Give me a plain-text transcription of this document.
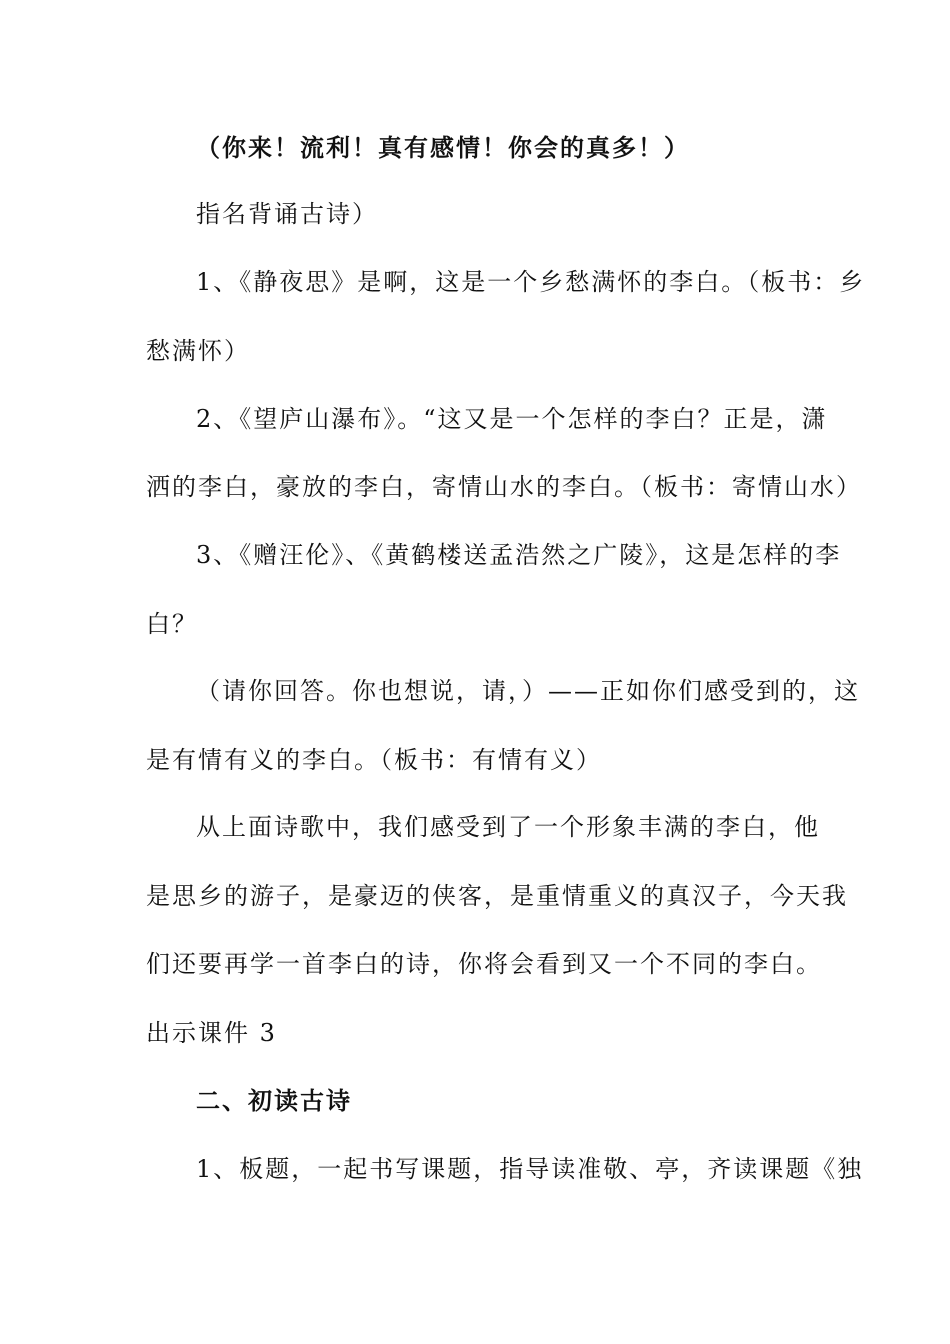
（你来！流利！真有感情！你会的真多！）
指名背诵古诗）
1、《静夜思》是啊，这是一个乡愁满怀的李白。（板书：乡
愁满怀）
2、《望庐山瀑布》。“这又是一个怎样的李白？正是，潇
洒的李白，豪放的李白，寄情山水的李白。（板书：寄情山水）
3、《赠汪伦》、《黄鹤楼送孟浩然之广陵》，这是怎样的李
白？
（请你回答。你也想说，请，）——正如你们感受到的，这
是有情有义的李白。（板书：有情有义）
从上面诗歌中，我们感受到了一个形象丰满的李白，他
是思乡的游子，是豪迈的侠客，是重情重义的真汉子，今天我
们还要再学一首李白的诗，你将会看到又一个不同的李白。
出示课件 3
二、初读古诗
1、板题，一起书写课题，指导读准敬、亭，齐读课题《独
